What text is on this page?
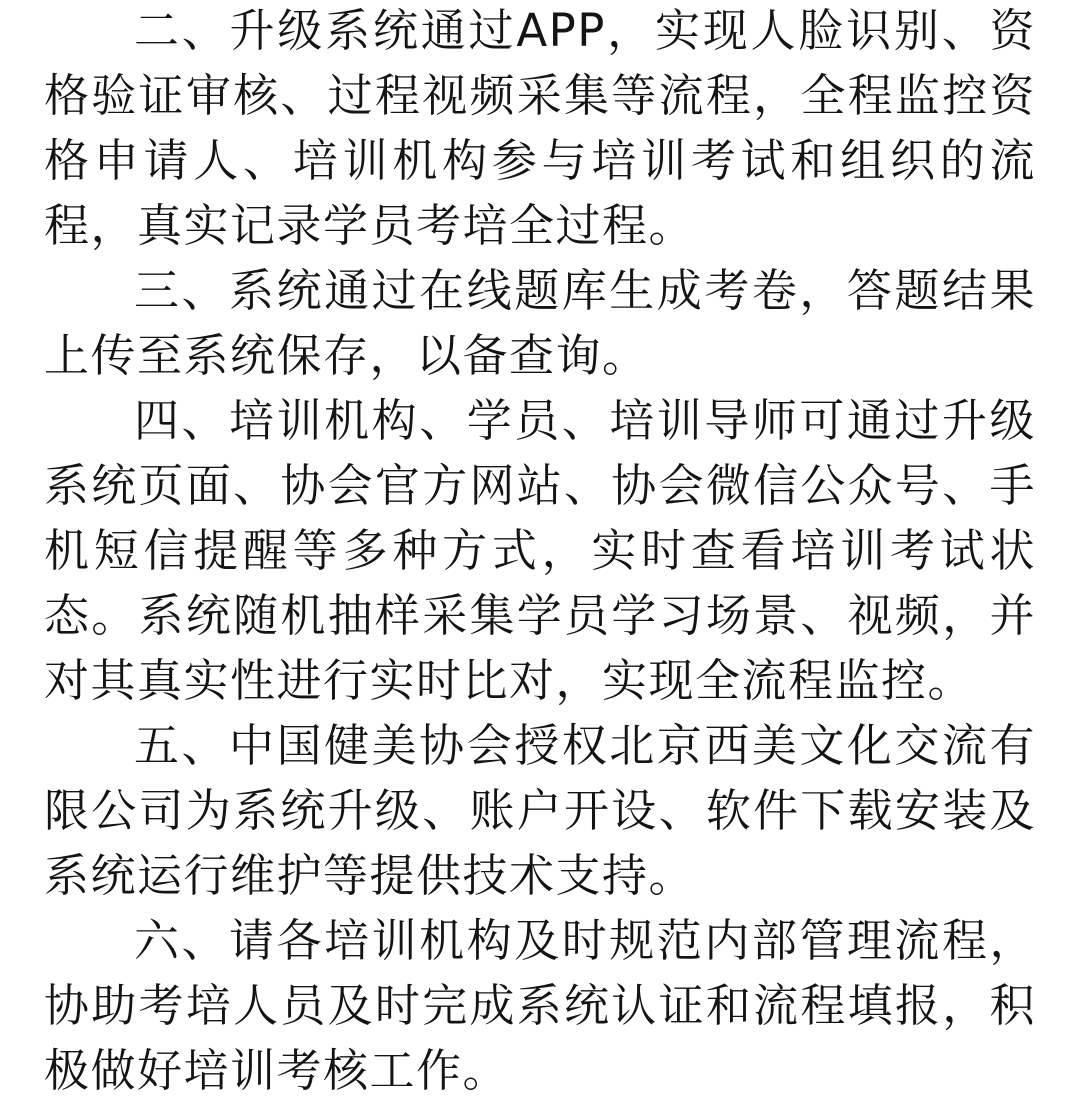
二、升级系统通过APP，实现人脸识别、资格验证审核、过程视频采集等流程，全程监控资格申请人、培训机构参与培训考试和组织的流程，真实记录学员考培全过程。

三、系统通过在线题库生成考卷，答题结果上传至系统保存，以备查询。

四、培训机构、学员、培训导师可通过升级系统页面、协会官方网站、协会微信公众号、手机短信提醒等多种方式，实时查看培训考试状态。系统随机抽样采集学员学习场景、视频，并对其真实性进行实时比对，实现全流程监控。

五、中国健美协会授权北京西美文化交流有限公司为系统升级、账户开设、软件下载安装及系统运行维护等提供技术支持。

六、请各培训机构及时规范内部管理流程，协助考培人员及时完成系统认证和流程填报，积极做好培训考核工作。
